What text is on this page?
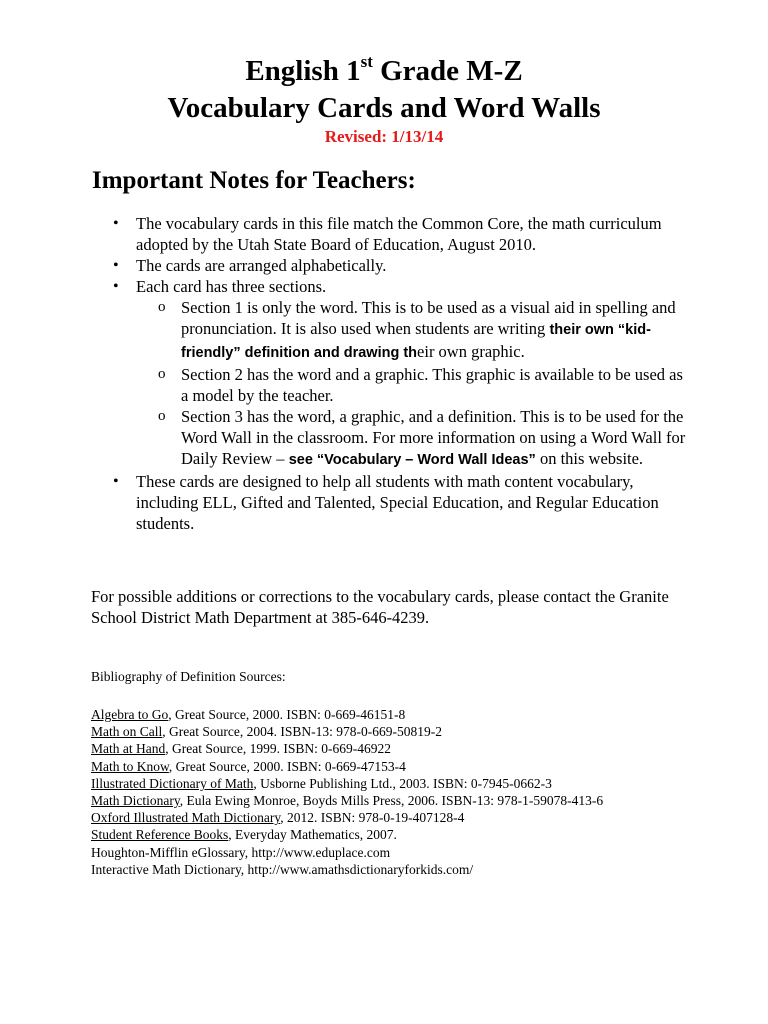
English 1st Grade M-Z
Vocabulary Cards and Word Walls
Revised: 1/13/14
Important Notes for Teachers:
• The vocabulary cards in this file match the Common Core, the math curriculum adopted by the Utah State Board of Education, August 2010.
• The cards are arranged alphabetically.
• Each card has three sections.
o Section 1 is only the word. This is to be used as a visual aid in spelling and pronunciation. It is also used when students are writing their own “kid-friendly” definition and drawing their own graphic.
o Section 2 has the word and a graphic. This graphic is available to be used as a model by the teacher.
o Section 3 has the word, a graphic, and a definition. This is to be used for the Word Wall in the classroom. For more information on using a Word Wall for Daily Review – see “Vocabulary – Word Wall Ideas” on this website.
• These cards are designed to help all students with math content vocabulary, including ELL, Gifted and Talented, Special Education, and Regular Education students.

For possible additions or corrections to the vocabulary cards, please contact the Granite School District Math Department at 385-646-4239.

Bibliography of Definition Sources:
Algebra to Go, Great Source, 2000. ISBN: 0-669-46151-8
Math on Call, Great Source, 2004. ISBN-13: 978-0-669-50819-2
Math at Hand, Great Source, 1999. ISBN: 0-669-46922
Math to Know, Great Source, 2000. ISBN: 0-669-47153-4
Illustrated Dictionary of Math, Usborne Publishing Ltd., 2003. ISBN: 0-7945-0662-3
Math Dictionary, Eula Ewing Monroe, Boyds Mills Press, 2006. ISBN-13: 978-1-59078-413-6
Oxford Illustrated Math Dictionary, 2012. ISBN: 978-0-19-407128-4
Student Reference Books, Everyday Mathematics, 2007.
Houghton-Mifflin eGlossary, http://www.eduplace.com
Interactive Math Dictionary, http://www.amathsdictionaryforkids.com/
